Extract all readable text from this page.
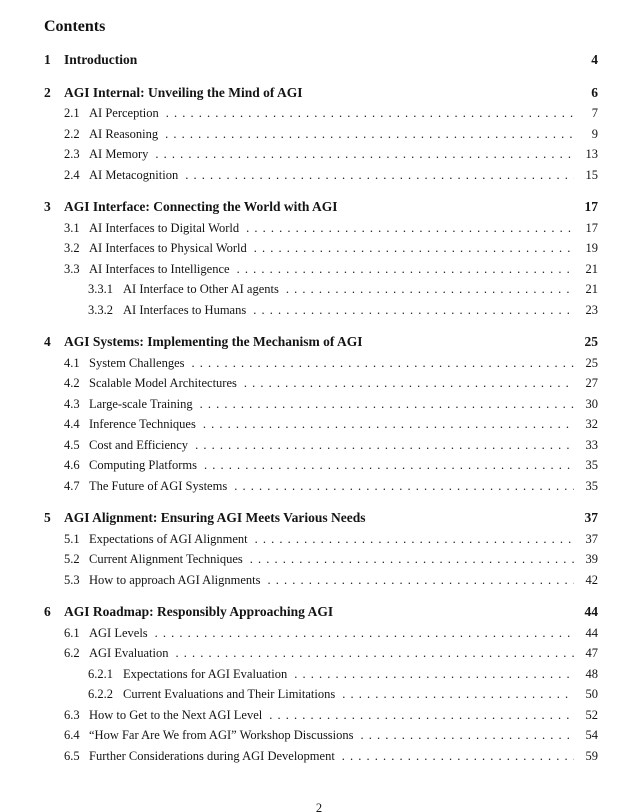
Contents
1 Introduction	4
2 AGI Internal: Unveiling the Mind of AGI	6
2.1 AI Perception . . .	7
2.2 AI Reasoning . . .	9
2.3 AI Memory . . .	13
2.4 AI Metacognition . . .	15
3 AGI Interface: Connecting the World with AGI	17
3.1 AI Interfaces to Digital World . . .	17
3.2 AI Interfaces to Physical World . . .	19
3.3 AI Interfaces to Intelligence . . .	21
3.3.1 AI Interface to Other AI agents . . .	21
3.3.2 AI Interfaces to Humans . . .	23
4 AGI Systems: Implementing the Mechanism of AGI	25
4.1 System Challenges . . .	25
4.2 Scalable Model Architectures . . .	27
4.3 Large-scale Training . . .	30
4.4 Inference Techniques . . .	32
4.5 Cost and Efficiency . . .	33
4.6 Computing Platforms . . .	35
4.7 The Future of AGI Systems . . .	35
5 AGI Alignment: Ensuring AGI Meets Various Needs	37
5.1 Expectations of AGI Alignment . . .	37
5.2 Current Alignment Techniques . . .	39
5.3 How to approach AGI Alignments . . .	42
6 AGI Roadmap: Responsibly Approaching AGI	44
6.1 AGI Levels . . .	44
6.2 AGI Evaluation . . .	47
6.2.1 Expectations for AGI Evaluation . . .	48
6.2.2 Current Evaluations and Their Limitations . . .	50
6.3 How to Get to the Next AGI Level . . .	52
6.4 “How Far Are We from AGI” Workshop Discussions . . .	54
6.5 Further Considerations during AGI Development . . .	59
2
